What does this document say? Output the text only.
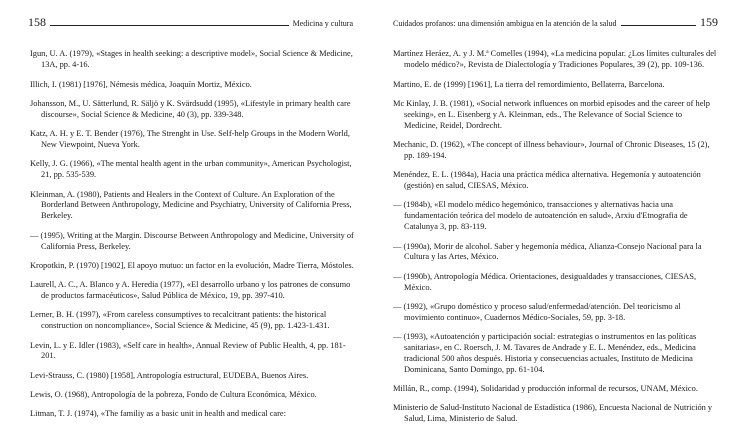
158	Medicina y cultura

Igun, U. A. (1979), «Stages in health seeking: a descriptive model», Social Science & Medicine, 13A, pp. 4-16.

Illich, I. (1981) [1976], Némesis médica, Joaquín Mortiz, México.

Johansson, M., U. Sätterlund, R. Säljö y K. Svärdsudd (1995), «Lifestyle in primary health care discourse», Social Science & Medicine, 40 (3), pp. 339-348.

Katz, A. H. y E. T. Bender (1976), The Strenght in Use. Self-help Groups in the Modern World, New Viewpoint, Nueva York.

Kelly, J. G. (1966), «The mental health agent in the urban community», American Psychologist, 21, pp. 535-539.

Kleinman, A. (1980), Patients and Healers in the Context of Culture. An Exploration of the Borderland Between Anthropology, Medicine and Psychiatry, University of California Press, Berkeley.

— (1995), Writing at the Margin. Discourse Between Anthropology and Medicine, University of California Press, Berkeley.

Kropotkin, P. (1970) [1902], El apoyo mutuo: un factor en la evolución, Madre Tierra, Móstoles.

Laurell, A. C., A. Blanco y A. Heredia (1977), «El desarrollo urbano y los patrones de consumo de productos farmacéuticos», Salud Pública de México, 19, pp. 397-410.

Lerner, B. H. (1997), «From careless consumptives to recalcitrant patients: the historical construction on noncompliance», Social Science & Medicine, 45 (9), pp. 1.423-1.431.

Levin, L. y E. Idler (1983), «Self care in health», Annual Review of Public Health, 4, pp. 181-201.

Levi-Strauss, C. (1980) [1958], Antropología estructural, EUDEBA, Buenos Aires.

Lewis, O. (1968), Antropología de la pobreza, Fondo de Cultura Económica, México.

Litman, T. J. (1974), «The familiy as a basic unit in health and medical care:

Cuidados profanos: una dimensión ambigua en la atención de la salud	159

Martínez Heráez, A. y J. M.ª Comelles (1994), «La medicina popular. ¿Los límites culturales del modelo médico?», Revista de Dialectología y Tradiciones Populares, 39 (2), pp. 109-136.

Martino, E. de (1999) [1961], La tierra del remordimiento, Bellaterra, Barcelona.

Mc Kinlay, J. B. (1981), «Social network influences on morbid episodes and the career of help seeking», en L. Eisenberg y A. Kleinman, eds., The Relevance of Social Science to Medicine, Reidel, Dordrecht.

Mechanic, D. (1962), «The concept of illness behaviour», Journal of Chronic Diseases, 15 (2), pp. 189-194.

Menéndez, E. L. (1984a), Hacia una práctica médica alternativa. Hegemonía y autoatención (gestión) en salud, CIESAS, México.

— (1984b), «El modelo médico hegemónico, transacciones y alternativas hacia una fundamentación teórica del modelo de autoatención en salud», Arxiu d'Etnografia de Catalunya 3, pp. 83-119.

— (1990a), Morir de alcohol. Saber y hegemonía médica, Alianza-Consejo Nacional para la Cultura y las Artes, México.

— (1990b), Antropología Médica. Orientaciones, desigualdades y transacciones, CIESAS, México.

— (1992), «Grupo doméstico y proceso salud/enfermedad/atención. Del teoricismo al movimiento continuo», Cuadernos Médico-Sociales, 59, pp. 3-18.

— (1993), «Autoatención y participación social: estrategias o instrumentos en las políticas sanitarias», en C. Roersch, J. M. Tavares de Andrade y E. L. Menéndez, eds., Medicina tradicional 500 años después. Historia y consecuencias actuales, Instituto de Medicina Dominicana, Santo Domingo, pp. 61-104.

Millán, R., comp. (1994), Solidaridad y producción informal de recursos, UNAM, México.

Ministerio de Salud-Instituto Nacional de Estadística (1986), Encuesta Nacional de Nutrición y Salud, Lima, Ministerio de Salud.
